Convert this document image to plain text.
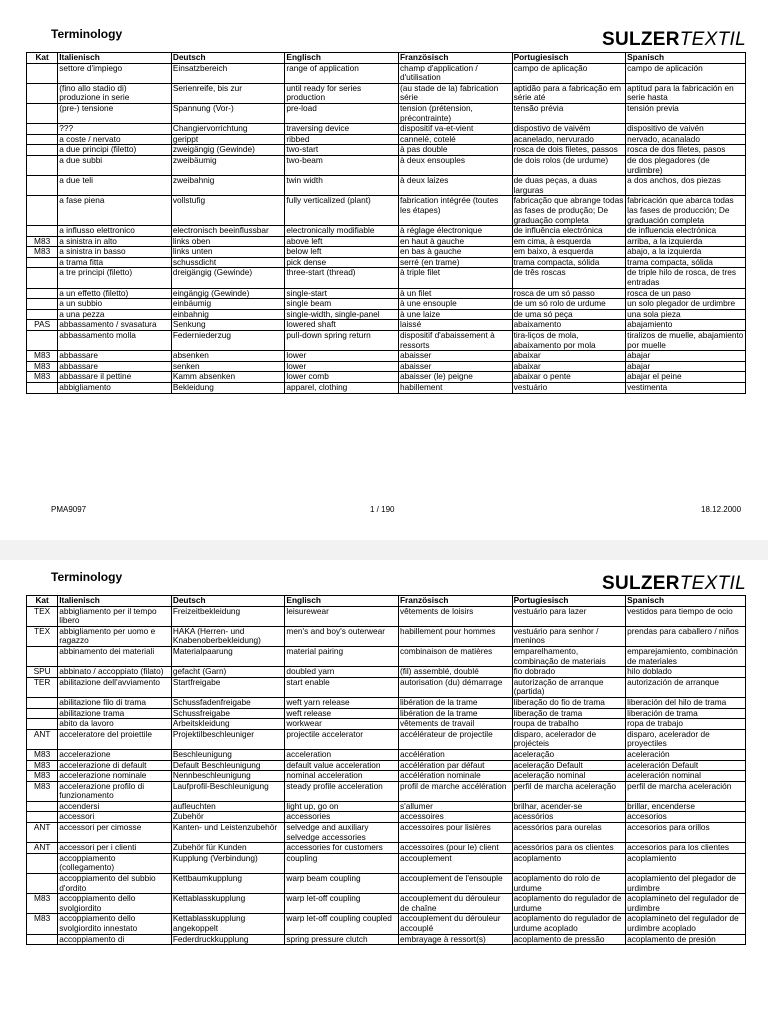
Terminology	SULZERTEXTIL
Kat	Italienisch	Deutsch	Englisch	Französisch	Portugiesisch	Spanisch
	settore d'impiego	Einsatzbereich	range of application	champ d'application / d'utilisation	campo de aplicação	campo de aplicación
	(fino allo stadio di) produzione in serie	Serienreife, bis zur	until ready for series production	(au stade de la) fabrication série	aptidão para a fabricação em série até	aptitud para la fabricación en serie hasta
	(pre-) tensione	Spannung (Vor-)	pre-load	tension (prétension, précontrainte)	tensão prévia	tensión previa
	???	Changiervorrichtung	traversing device	dispositif va-et-vient	dispostivo de vaivém	dispositivo de vaivén
	a coste / nervato	gerippt	ribbed	cannelé, cotelé	acanelado, nervurado	nervado, acanalado
	a due principi (filetto)	zweigängig (Gewinde)	two-start	à pas double	rosca de dois filetes, passos	rosca de dos filetes, pasos
	a due subbi	zweibäumig	two-beam	à deux ensouples	de dois rolos (de urdume)	de dos plegadores (de urdimbre)
	a due teli	zweibahnig	twin width	à deux laizes	de duas peças, a duas larguras	a dos anchos, dos piezas
	a fase piena	vollstufig	fully verticalized (plant)	fabrication intégrée (toutes les étapes)	fabricação que abrange todas as fases de produção; De graduação completa	fabricación que abarca todas las fases de producción; De graduación completa
	a influsso elettronico	electronisch beeinflussbar	electronically modifiable	à réglage électronique	de influência electrónica	de influencia electrónica
M83	a sinistra in alto	links oben	above left	en haut à gauche	em cima, à esquerda	arriba, a la izquierda
M83	a sinistra in basso	links unten	below left	en bas à gauche	em baixo, à esquerda	abajo, a la izquierda
	a trama fitta	schussdicht	pick dense	serré (en trame)	trama compacta, sólida	trama compacta, sólida
	a tre principi (filetto)	dreigängig (Gewinde)	three-start (thread)	à triple filet	de três roscas	de triple hilo de rosca, de tres entradas
	a un effetto (filetto)	eingängig (Gewinde)	single-start	à un filet	rosca de um só passo	rosca de un paso
	a un subbio	einbäumig	single beam	à une ensouple	de um só rolo de urdume	un solo plegador de urdimbre
	a una pezza	einbahnig	single-width, single-panel	à une laize	de uma só peça	una sola pieza
PAS	abbassamento / svasatura	Senkung	lowered shaft	laissé	abaixamento	abajamiento
	abbassamento molla	Federniederzug	pull-down spring return	dispositif d'abaissement à ressorts	tira-liços de mola, abaixamento por mola	tiralizos de muelle, abajamiento por muelle
M83	abbassare	absenken	lower	abaisser	abaixar	abajar
M83	abbassare	senken	lower	abaisser	abaixar	abajar
M83	abbassare il pettine	Kamm absenken	lower comb	abaisser (le) peigne	abaixar o pente	abajar el peine
	abbigliamento	Bekleidung	apparel, clothing	habillement	vestuário	vestimenta
PMA9097	1 / 190	18.12.2000
Terminology	SULZERTEXTIL
Kat	Italienisch	Deutsch	Englisch	Französisch	Portugiesisch	Spanisch
TEX	abbigliamento per il tempo libero	Freizeitbekleidung	leisurewear	vêtements de loisirs	vestuário para lazer	vestidos para tiempo de ocio
TEX	abbigliamento per uomo e ragazzo	HAKA (Herren- und Knabenoberbekleidung)	men's and boy's outerwear	habillement pour hommes	vestuário para senhor / meninos	prendas para caballero / niños
	abbinamento dei materiali	Materialpaarung	material pairing	combinaison de matières	emparelhamento, combinação de materiais	emparejamiento, combinación de materiales
SPU	abbinato / accoppiato (filato)	gefacht (Garn)	doubled yarn	(fil) assemblé, doublé	fio dobrado	hilo doblado
TER	abilitazione dell'avviamento	Startfreigabe	start enable	autorisation (du) démarrage	autorização de arranque (partida)	autorización de arranque
	abilitazione filo di trama	Schussfadenfreigabe	weft yarn release	libération de la trame	liberação do fio de trama	liberación del hilo de trama
	abilitazione trama	Schussfreigabe	weft release	libération de la trame	liberação de trama	liberación de trama
	abito da lavoro	Arbeitskleidung	workwear	vêtements de travail	roupa de trabalho	ropa de trabajo
ANT	acceleratore del proiettile	Projektilbeschleuniger	projectile accelerator	accélérateur de projectile	disparo, acelerador de projécteis	disparo, acelerador de proyectiles
M83	accelerazione	Beschleunigung	acceleration	accélération	aceleração	aceleración
M83	accelerazione di default	Default Beschleunigung	default value acceleration	accélération par défaut	aceleração Default	aceleración Default
M83	accelerazione nominale	Nennbeschleunigung	nominal acceleration	accélération nominale	aceleração nominal	aceleración nominal
M83	accelerazione profilo di funzionamento	Laufprofil-Beschleunigung	steady profile acceleration	profil de marche accélération	perfil de marcha aceleração	perfil de marcha aceleración
	accendersi	aufleuchten	light up, go on	s'allumer	brilhar, acender-se	brillar, encenderse
	accessori	Zubehör	accessories	accessoires	acessórios	accesorios
ANT	accessori per cimosse	Kanten- und Leistenzubehör	selvedge and auxiliary selvedge accessories	accessoires pour lisières	acessórios para ourelas	accesorios para orillos
ANT	accessori per i clienti	Zubehör für Kunden	accessories for customers	accessoires (pour le) client	acessórios para os clientes	accesorios para los clientes
	accoppiamento (collegamento)	Kupplung (Verbindung)	coupling	accouplement	acoplamento	acoplamiento
	accoppiamento del subbio d'ordito	Kettbaumkupplung	warp beam coupling	accouplement de l'ensouple	acoplamento do rolo de urdume	acoplamiento del plegador de urdimbre
M83	accoppiamento dello svolgiordito	Kettablasskupplung	warp let-off coupling	accouplement du dérouleur de chaîne	acoplamento do regulador de urdume	acoplamineto del regulador de urdimbre
M83	accoppiamento dello svolgiordito innestato	Kettablasskupplung angekoppelt	warp let-off coupling coupled	accouplement du dérouleur accouplé	acoplamento do regulador de urdume acoplado	acoplamineto del regulador de urdimbre acoplado
	accoppiamento di	Federdruckkupplung	spring pressure clutch	embrayage à ressort(s)	acoplamento de pressão	acoplamento de presión
